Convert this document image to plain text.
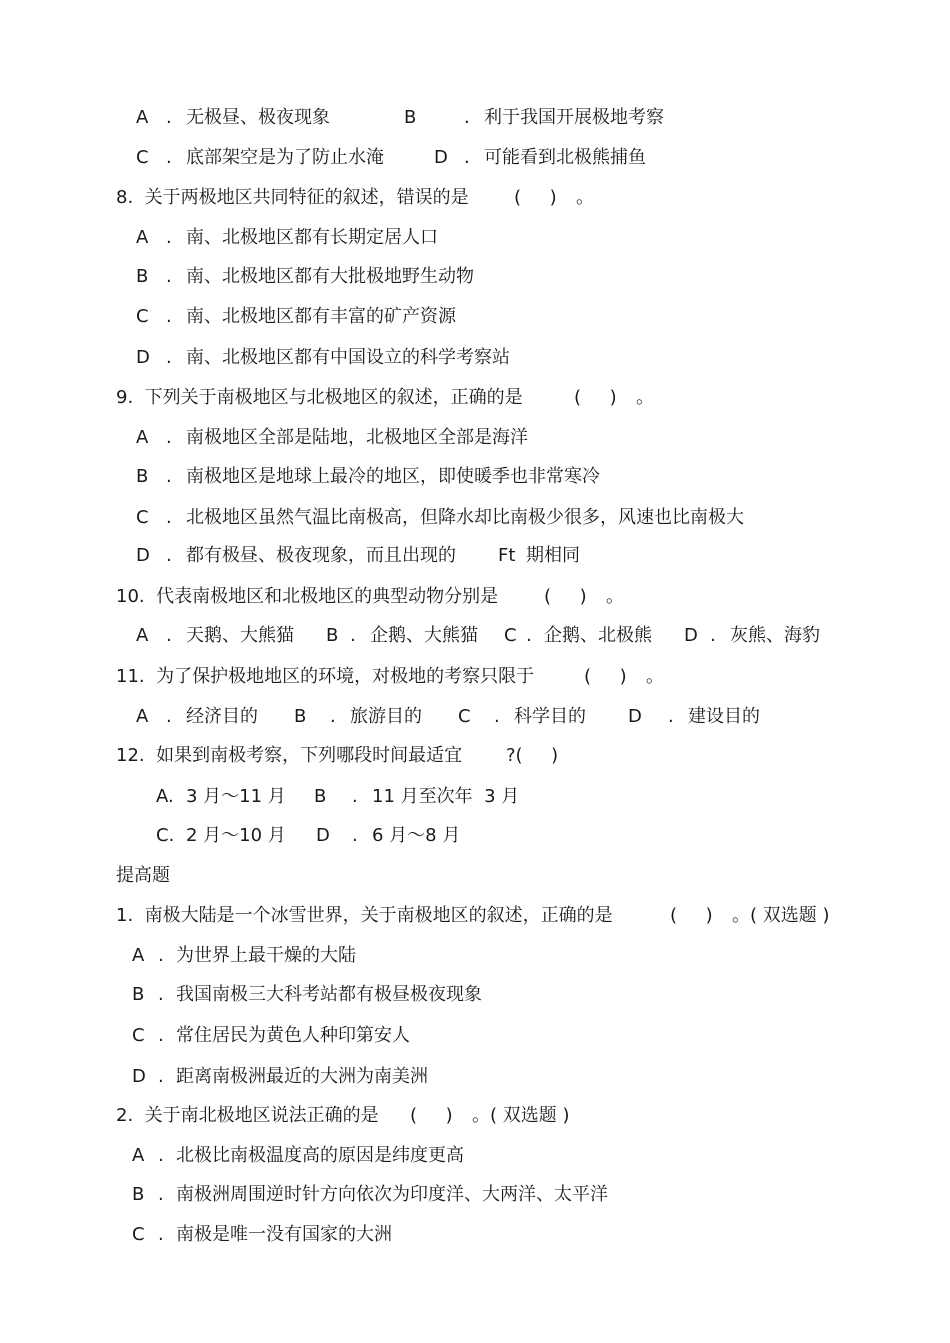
A

.

无极昼、极夜现象

	B

	.

利于我国开展极地考察

C

.

底部架空是为了防止水淹

	D

.

可能看到北极熊捕鱼

8.  关于两极地区共同特征的叙述，错误的是

	(     )

。

A

.

南、北极地区都有长期定居人口

B

.

南、北极地区都有大批极地野生动物

C

.

南、北极地区都有丰富的矿产资源

D

.

南、北极地区都有中国设立的科学考察站

9.  下列关于南极地区与北极地区的叙述，正确的是

	(     )

。

A

.

南极地区全部是陆地，北极地区全部是海洋

B

.

南极地区是地球上最冷的地区，即使暖季也非常寒冷

C

.

北极地区虽然气温比南极高，但降水却比南极少很多，风速也比南极大

D

.

都有极昼、极夜现象，而且出现的

Ft

期相同

10.  代表南极地区和北极地区的典型动物分别是

	(     )

。

A

.

天鹅、大熊猫

B

.

企鹅、大熊猫

C

.

企鹅、北极熊

D

.

灰熊、海豹

11.  为了保护极地地区的环境，对极地的考察只限于

	(     )

。

A

.

经济目的

B

.

旅游目的

C

.

科学目的

D

.

建设目的

12.  如果到南极考察，下列哪段时间最适宜

?(     )

A.

3 月～11 月

B

.

11 月至次年  3 月

C.

2 月～10 月

D

.

6 月～8 月

提高题

1.  南极大陆是一个冰雪世界，关于南极地区的叙述，正确的是

	(     )

。( 双选题 )

A

.

为世界上最干燥的大陆

B

.

我国南极三大科考站都有极昼极夜现象

C

.

常住居民为黄色人种印第安人

D

.

距离南极洲最近的大洲为南美洲

2.  关于南北极地区说法正确的是

(     )

。( 双选题 )

A

.

北极比南极温度高的原因是纬度更高

B

.

南极洲周围逆时针方向依次为印度洋、大两洋、太平洋

C

.

南极是唯一没有国家的大洲
